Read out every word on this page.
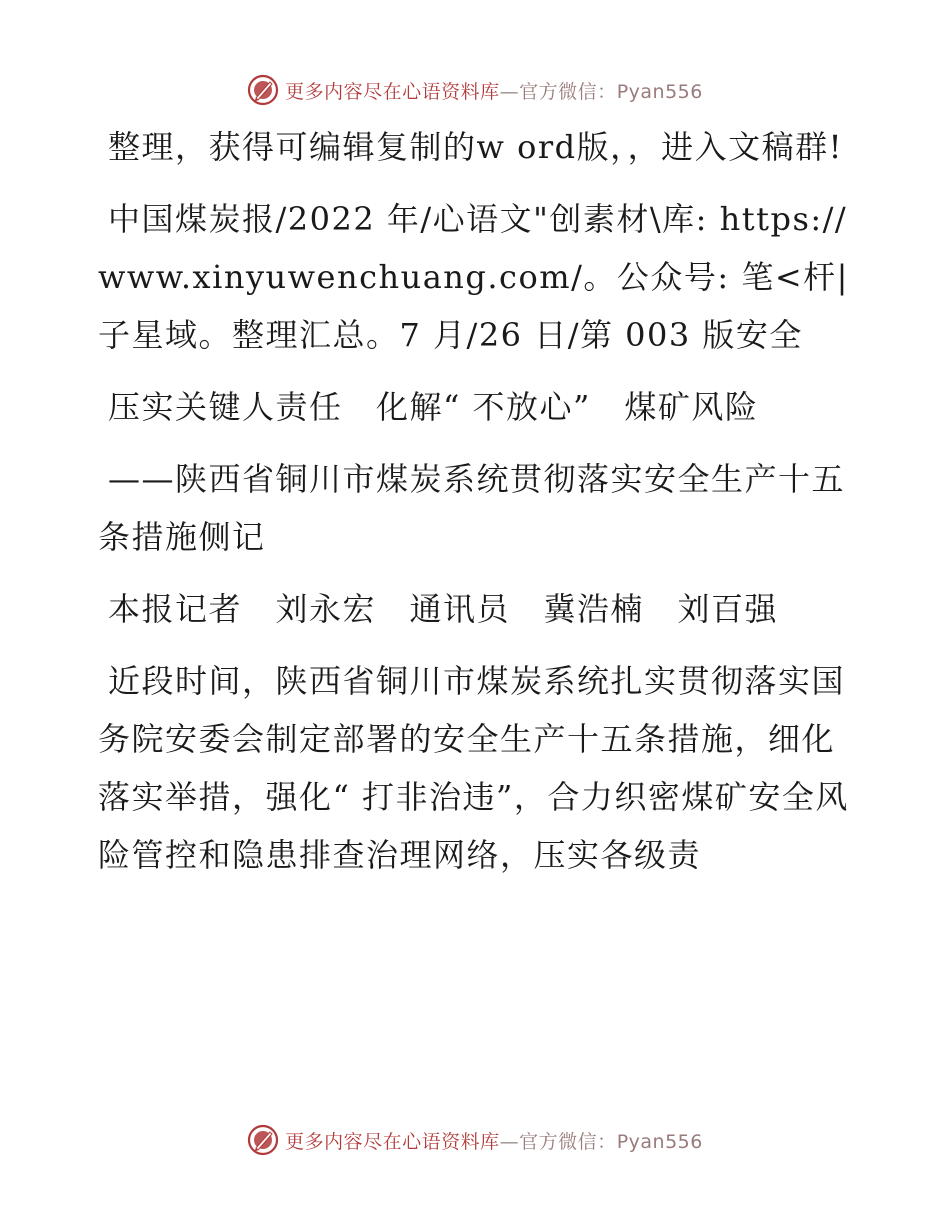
更多内容尽在心语资料库—官方微信：Pyan556

整理，获得可编辑复制的w ord版，，进入文稿群!

中国煤炭报/2022 年/心语文"创素材\库: https://www.xinyuwenchuang.com/。公众号: 笔<杆|子星域。整理汇总。7 月/26 日/第 003 版安全

压实关键人责任　化解“ 不放心”　煤矿风险

——陕西省铜川市煤炭系统贯彻落实安全生产十五条措施侧记

本报记者　刘永宏　通讯员　冀浩楠　刘百强

近段时间，陕西省铜川市煤炭系统扎实贯彻落实国务院安委会制定部署的安全生产十五条措施，细化落实举措，强化“ 打非治违”，合力织密煤矿安全风险管控和隐患排查治理网络，压实各级责

更多内容尽在心语资料库—官方微信：Pyan556
